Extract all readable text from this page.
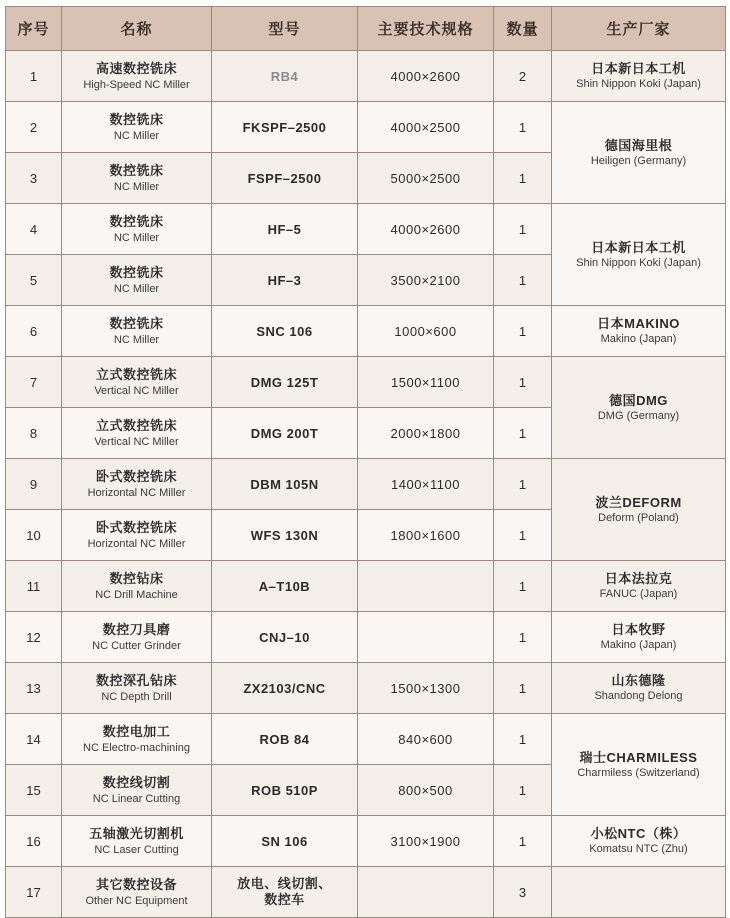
序号	名称	型号	主要技术规格	数量	生产厂家
1	高速数控铣床
High-Speed NC Miller	RB4	4000×2600	2	日本新日本工机
Shin Nippon Koki (Japan)

2	数控铣床
NC Miller	FKSPF–2500	4000×2500	1	德国海里根
Heiligen (Germany)

3	数控铣床
NC Miller	FSPF–2500	5000×2500	1	
4	数控铣床
NC Miller	HF–5	4000×2600	1	日本新日本工机
Shin Nippon Koki (Japan)

5	数控铣床
NC Miller	HF–3	3500×2100	1	
6	数控铣床
NC Miller	SNC 106	1000×600	1	日本MAKINO
Makino (Japan)

7	立式数控铣床
Vertical NC Miller	DMG 125T	1500×1100	1	德国DMG
DMG (Germany)

8	立式数控铣床
Vertical NC Miller	DMG 200T	2000×1800	1	
9	卧式数控铣床
Horizontal NC Miller	DBM 105N	1400×1100	1	波兰DEFORM
Deform (Poland)

10	卧式数控铣床
Horizontal NC Miller	WFS 130N	1800×1600	1	
11	数控钻床
NC Drill Machine	A–T10B		1	日本法拉克
FANUC (Japan)

12	数控刀具磨
NC Cutter Grinder	CNJ–10		1	日本牧野
Makino (Japan)

13	数控深孔钻床
NC Depth Drill	ZX2103/CNC	1500×1300	1	山东德隆
Shandong Delong

14	数控电加工
NC Electro-machining	ROB 84	840×600	1	瑞士CHARMILESS
Charmiless (Switzerland)

15	数控线切割
NC Linear Cutting	ROB 510P	800×500	1	
16	五轴激光切割机
NC Laser Cutting	SN 106	3100×1900	1	小松NTC（株）
Komatsu NTC (Zhu)

17	其它数控设备
Other NC Equipment	放电、线切割、
数控车		3	
